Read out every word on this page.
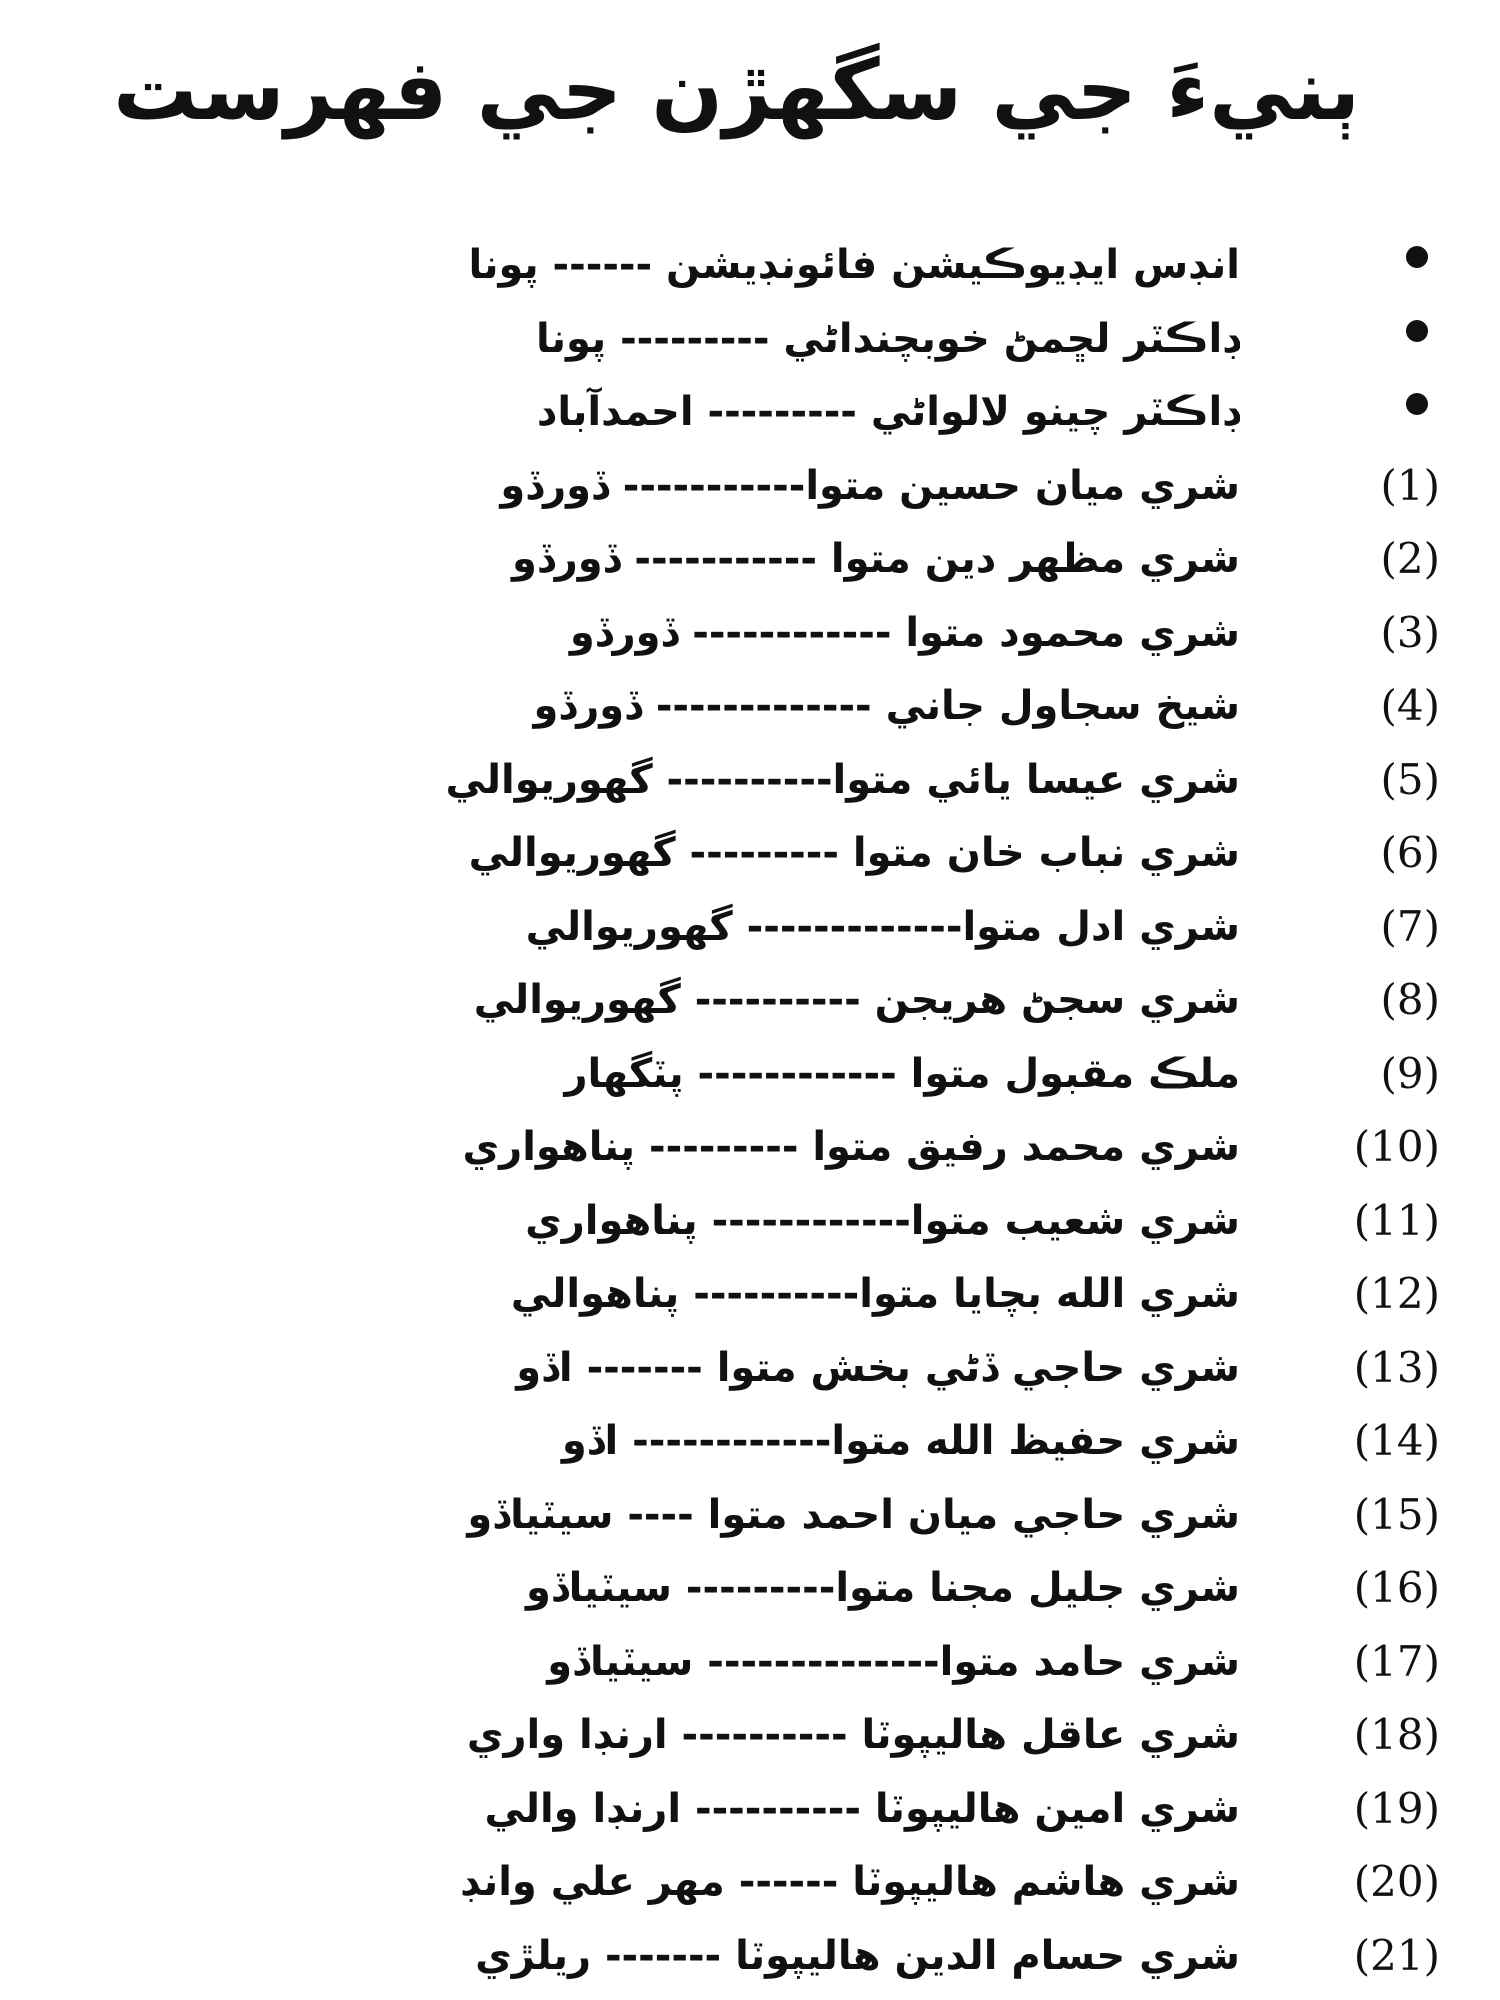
ٻنيءَ جي سگهڙن جي فهرست
انڊس ايڊيوڪيشن فائونڊيشن ------ پونا
ڊاڪٽر لڇمڻ خوبچنداڻي --------- پونا
ڊاڪٽر چينو لالواڻي --------- احمدآباد
(1)
شري ميان حسين متوا----------- ڏورڏو
(2)
شري مظهر دين متوا ----------- ڏورڏو
(3)
شري محمود متوا ------------ ڏورڏو
(4)
شيخ سجاول جاني ------------- ڏورڏو
(5)
شري عيسا يائي متوا---------- گهوريوالي
(6)
شري نباب خان متوا --------- گهوريوالي
(7)
شري ادل متوا------------- گهوريوالي
(8)
شري سجڻ هريجن ---------- گهوريوالي
(9)
ملڪ مقبول متوا ------------ پٽگهار
(10)
شري محمد رفيق متوا --------- پناهواري
(11)
شري شعيب متوا------------ پناهواري
(12)
شري الله بچايا متوا---------- پناهوالي
(13)
شري حاجي ڏڻي بخش متوا ------- اڏو
(14)
شري حفيظ الله متوا------------ اڏو
(15)
شري حاجي ميان احمد متوا ---- سيٽياڏو
(16)
شري جليل مجنا متوا--------- سيٽياڏو
(17)
شري حامد متوا-------------- سيٽياڏو
(18)
شري عاقل هاليپوٽا ---------- ارنڊا واري
(19)
شري امين هاليپوٽا ---------- ارنڊا والي
(20)
شري هاشم هاليپوٽا ------ مهر علي وانڊ
(21)
شري حسام الدين هاليپوٽا ------- ريلڙي
